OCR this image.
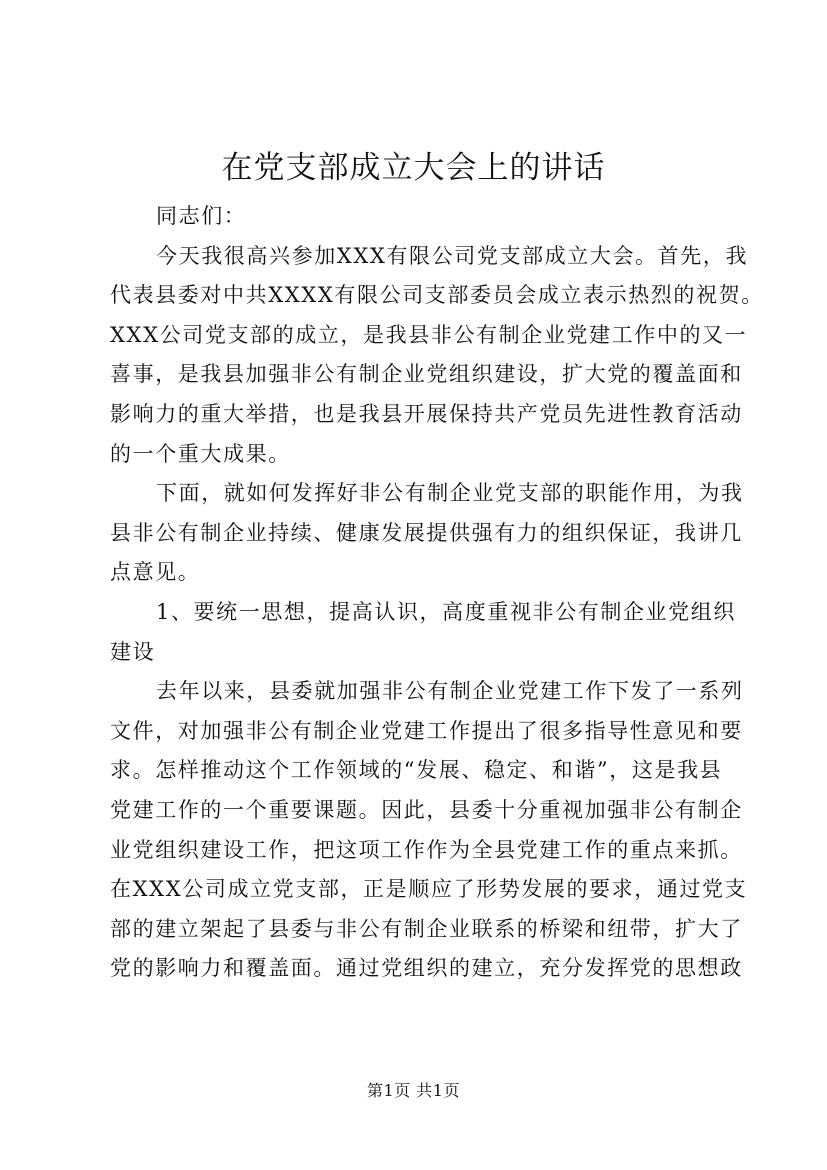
在党支部成立大会上的讲话
同志们：
今天我很高兴参加XXX有限公司党支部成立大会。首先，我
代表县委对中共XXXX有限公司支部委员会成立表示热烈的祝贺。
XXX公司党支部的成立，是我县非公有制企业党建工作中的又一
喜事，是我县加强非公有制企业党组织建设，扩大党的覆盖面和
影响力的重大举措，也是我县开展保持共产党员先进性教育活动
的一个重大成果。
下面，就如何发挥好非公有制企业党支部的职能作用，为我
县非公有制企业持续、健康发展提供强有力的组织保证，我讲几
点意见。
1、要统一思想，提高认识，高度重视非公有制企业党组织
建设
去年以来，县委就加强非公有制企业党建工作下发了一系列
文件，对加强非公有制企业党建工作提出了很多指导性意见和要
求。怎样推动这个工作领域的“发展、稳定、和谐”，这是我县
党建工作的一个重要课题。因此，县委十分重视加强非公有制企
业党组织建设工作，把这项工作作为全县党建工作的重点来抓。
在XXX公司成立党支部，正是顺应了形势发展的要求，通过党支
部的建立架起了县委与非公有制企业联系的桥梁和纽带，扩大了
党的影响力和覆盖面。通过党组织的建立，充分发挥党的思想政
第1页 共1页
